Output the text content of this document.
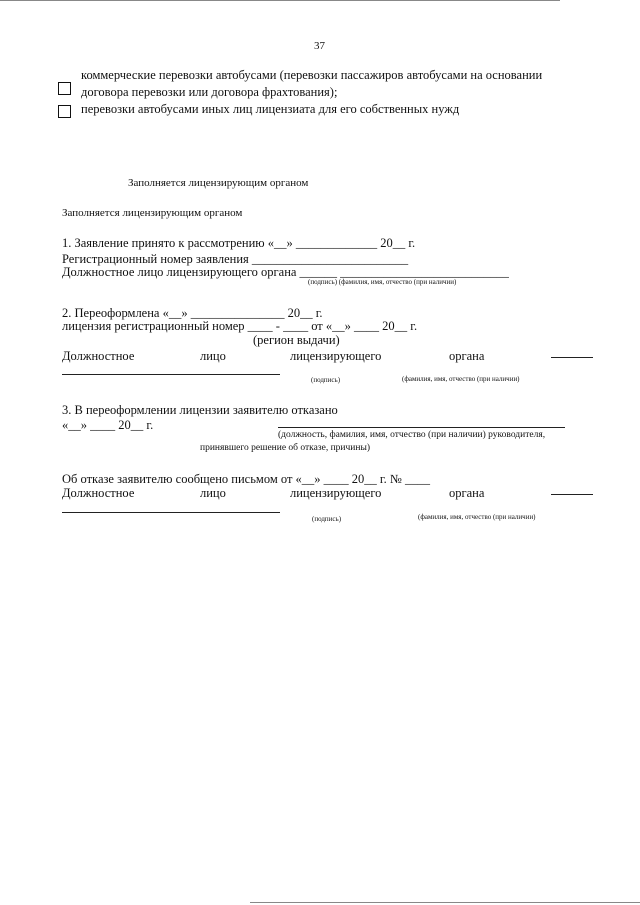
37
коммерческие перевозки автобусами (перевозки пассажиров автобусами на основании
договора перевозки или договора фрахтования);
перевозки автобусами иных лиц лицензиата для его собственных нужд
Заполняется лицензирующим органом
Заполняется лицензирующим органом
1. Заявление принято к рассмотрению «__» _____________ 20__ г.
Регистрационный номер заявления _________________________
Должностное лицо лицензирующего органа ______ ___________________________
(подпись) (фамилия, имя, отчество (при наличии)
2. Переоформлена «__» _______________ 20__ г.
лицензия регистрационный номер ____ - ____ от «__» ____ 20__ г.
(регион выдачи)
Должностное	лицо	лицензирующего	органа
(подпись)	(фамилия, имя, отчество (при наличии)
3. В переоформлении лицензии заявителю отказано
«__» ____ 20__ г.
(должность, фамилия, имя, отчество (при наличии) руководителя,
принявшего решение об отказе, причины)
Об отказе заявителю сообщено письмом от «__» ____ 20__ г. № ____
Должностное	лицо	лицензирующего	органа
(подпись)	(фамилия, имя, отчество (при наличии)
